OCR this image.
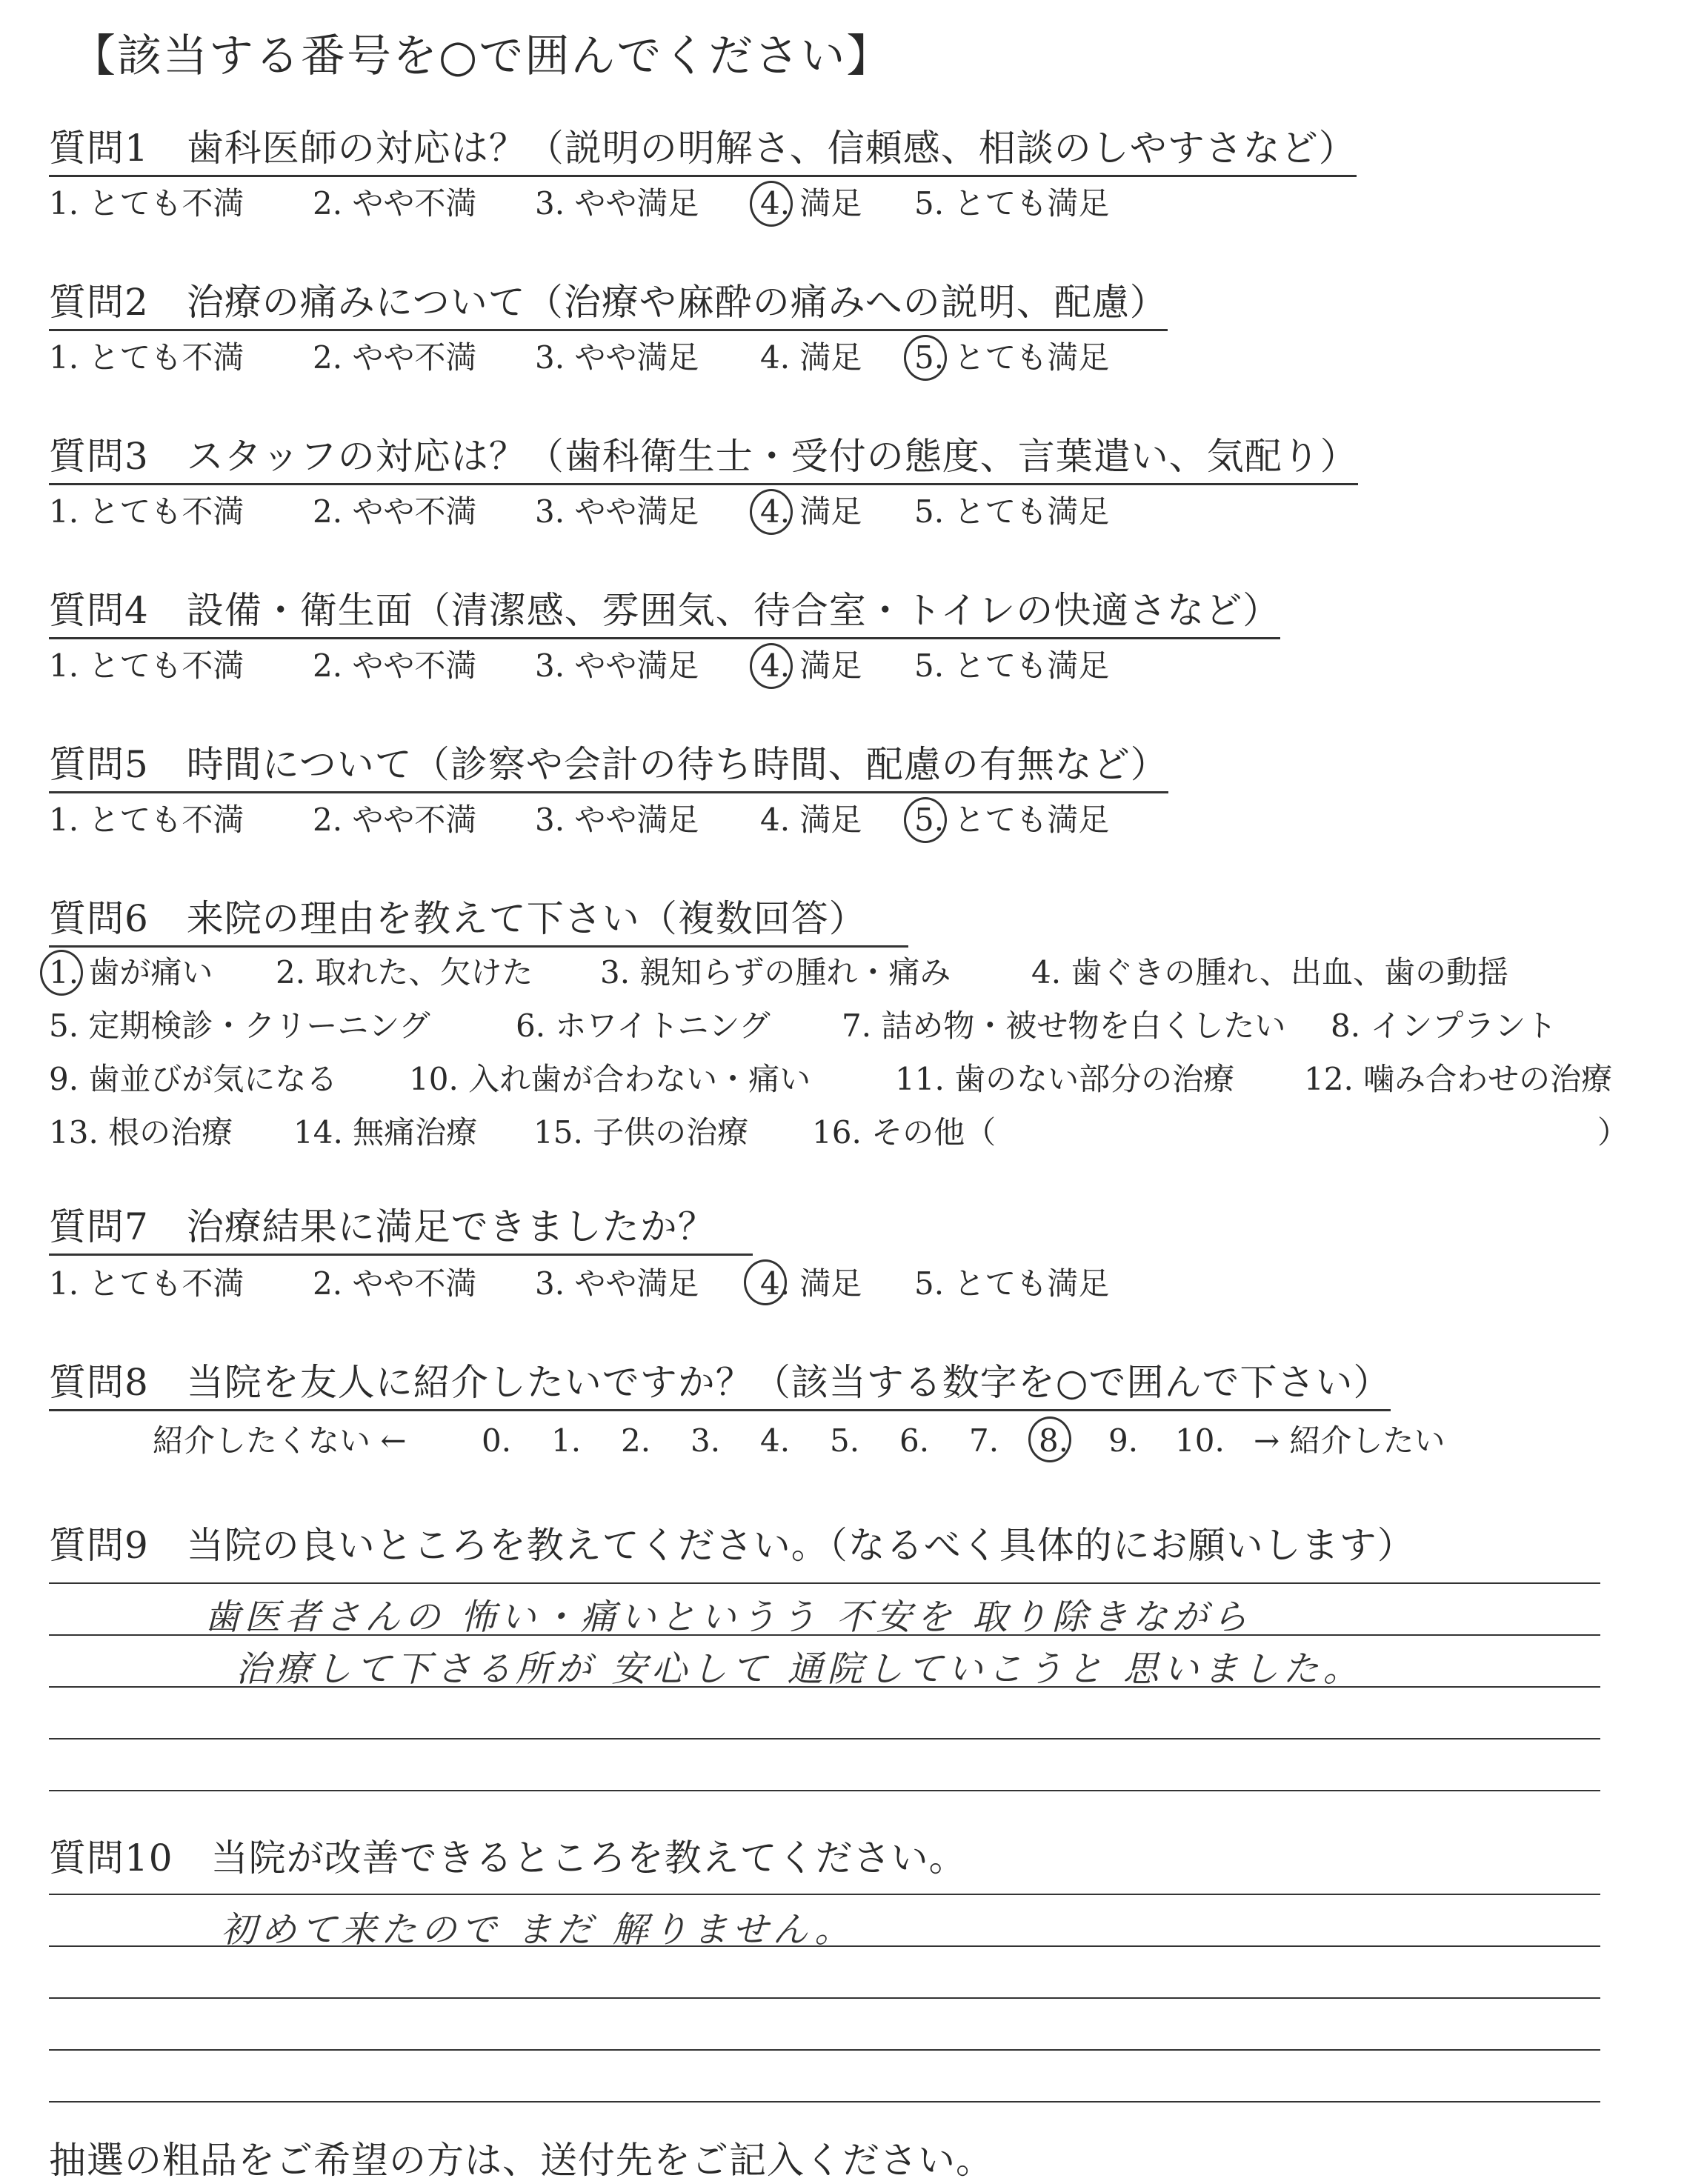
【該当する番号を○で囲んでください】
質問1　歯科医師の対応は？（説明の明解さ、信頼感、相談のしやすさなど）
1. とても不満 2. やや不満 3. やや満足 4. 満足 5. とても満足
質問2　治療の痛みについて（治療や麻酔の痛みへの説明、配慮）
1. とても不満 2. やや不満 3. やや満足 4. 満足 5. とても満足
質問3　スタッフの対応は？（歯科衛生士・受付の態度、言葉遣い、気配り）
1. とても不満 2. やや不満 3. やや満足 4. 満足 5. とても満足
質問4　設備・衛生面（清潔感、雰囲気、待合室・トイレの快適さなど）
1. とても不満 2. やや不満 3. やや満足 4. 満足 5. とても満足
質問5　時間について（診察や会計の待ち時間、配慮の有無など）
1. とても不満 2. やや不満 3. やや満足 4. 満足 5. とても満足
質問6　来院の理由を教えて下さい（複数回答）
1. 歯が痛い 2. 取れた、欠けた 3. 親知らずの腫れ・痛み	4. 歯ぐきの腫れ、出血、歯の動揺
5. 定期検診・クリーニング	6. ホワイトニング 7. 詰め物・被せ物を白くしたい 8. インプラント
9. 歯並びが気になる 10. 入れ歯が合わない・痛い	11. 歯のない部分の治療 12. 噛み合わせの治療
13. 根の治療 14. 無痛治療 15. 子供の治療 16. その他（	）
質問7　治療結果に満足できましたか？
1. とても不満 2. やや不満 3. やや満足 4. 満足 5. とても満足
質問8　当院を友人に紹介したいですか？（該当する数字を○で囲んで下さい）
紹介したくない ← 0. 1. 2. 3. 4. 5. 6. 7. 8. 9. 10. → 紹介したい
質問9　当院の良いところを教えてください。（なるべく具体的にお願いします）
歯医者さんの 怖い・痛いというう 不安を 取り除きながら
治療して下さる所が 安心して 通院していこうと 思いました。
質問10　当院が改善できるところを教えてください。
初めて来たので まだ 解りません。
抽選の粗品をご希望の方は、送付先をご記入ください。
